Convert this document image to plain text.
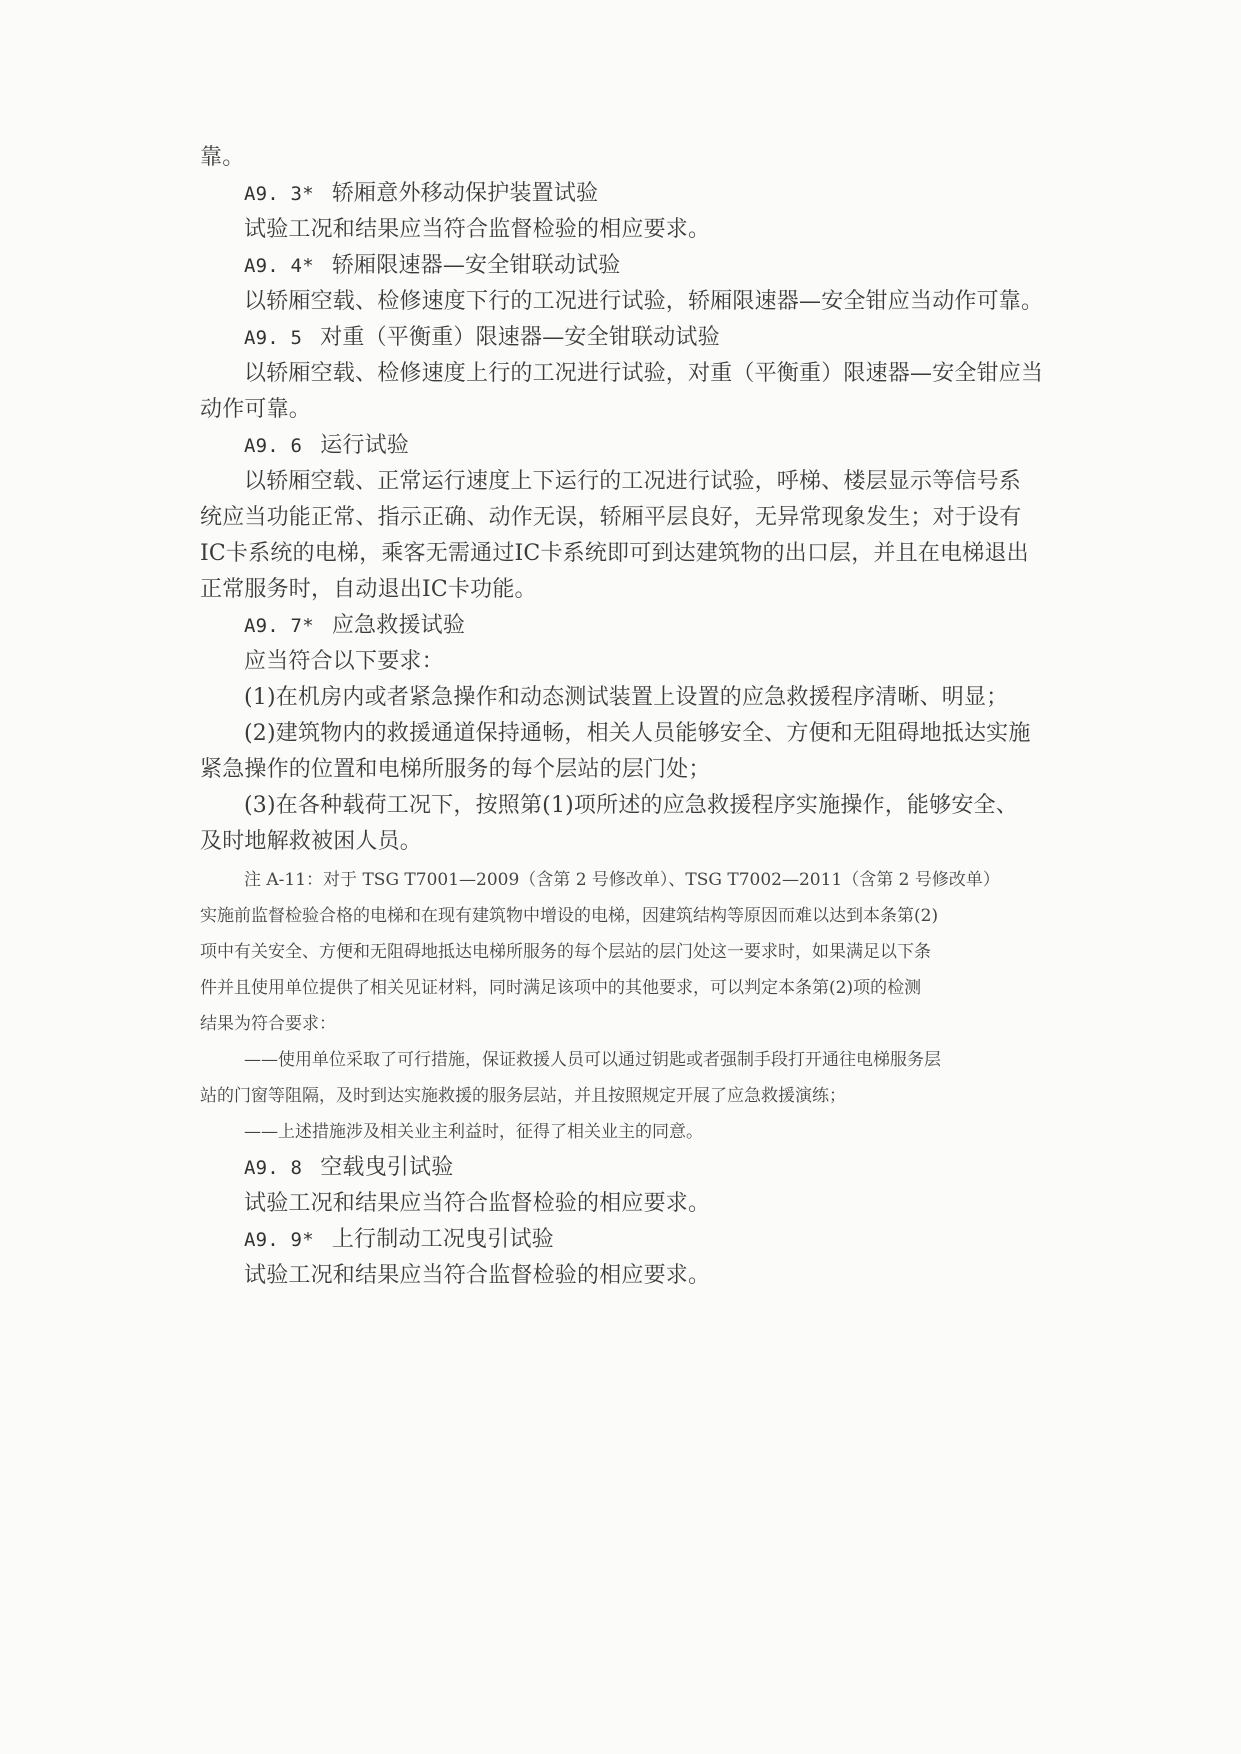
靠。
A9. 3* 轿厢意外移动保护装置试验
试验工况和结果应当符合监督检验的相应要求。
A9. 4* 轿厢限速器—安全钳联动试验
以轿厢空载、检修速度下行的工况进行试验，轿厢限速器—安全钳应当动作可靠。
A9. 5 对重（平衡重）限速器—安全钳联动试验
以轿厢空载、检修速度上行的工况进行试验，对重（平衡重）限速器—安全钳应当
动作可靠。
A9. 6 运行试验
以轿厢空载、正常运行速度上下运行的工况进行试验，呼梯、楼层显示等信号系
统应当功能正常、指示正确、动作无误，轿厢平层良好，无异常现象发生；对于设有
IC卡系统的电梯，乘客无需通过IC卡系统即可到达建筑物的出口层，并且在电梯退出
正常服务时，自动退出IC卡功能。
A9. 7* 应急救援试验
应当符合以下要求：
(1)在机房内或者紧急操作和动态测试装置上设置的应急救援程序清晰、明显；
(2)建筑物内的救援通道保持通畅，相关人员能够安全、方便和无阻碍地抵达实施
紧急操作的位置和电梯所服务的每个层站的层门处；
(3)在各种载荷工况下，按照第(1)项所述的应急救援程序实施操作，能够安全、
及时地解救被困人员。
注 A-11：对于 TSG T7001—2009（含第 2 号修改单）、TSG T7002—2011（含第 2 号修改单）
实施前监督检验合格的电梯和在现有建筑物中增设的电梯，因建筑结构等原因而难以达到本条第(2)
项中有关安全、方便和无阻碍地抵达电梯所服务的每个层站的层门处这一要求时，如果满足以下条
件并且使用单位提供了相关见证材料，同时满足该项中的其他要求，可以判定本条第(2)项的检测
结果为符合要求：
——使用单位采取了可行措施，保证救援人员可以通过钥匙或者强制手段打开通往电梯服务层
站的门窗等阻隔，及时到达实施救援的服务层站，并且按照规定开展了应急救援演练；
——上述措施涉及相关业主利益时，征得了相关业主的同意。
A9. 8 空载曳引试验
试验工况和结果应当符合监督检验的相应要求。
A9. 9* 上行制动工况曳引试验
试验工况和结果应当符合监督检验的相应要求。
